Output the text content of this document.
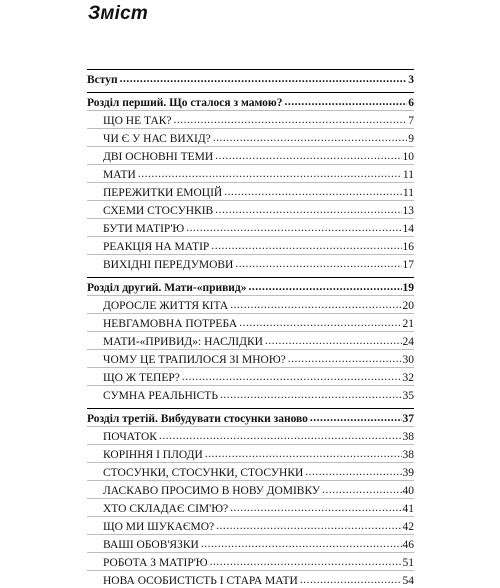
Зміст
Вступ .....	3
Розділ перший. Що сталося з мамою? .....	6
ЩО НЕ ТАК? .....	7
ЧИ Є У НАС ВИХІД? .....	9
ДВІ ОСНОВНІ ТЕМИ .....	10
МАТИ .....	11
ПЕРЕЖИТКИ ЕМОЦІЙ .....	11
СХЕМИ СТОСУНКІВ .....	13
БУТИ МАТІР'Ю .....	14
РЕАКЦІЯ НА МАТІР .....	16
ВИХІДНІ ПЕРЕДУМОВИ .....	17
Розділ другий. Мати-«привид» .....	19
ДОРОСЛЕ ЖИТТЯ КІТА .....	20
НЕВГАМОВНА ПОТРЕБА .....	21
МАТИ-«ПРИВИД»: НАСЛІДКИ .....	24
ЧОМУ ЦЕ ТРАПИЛОСЯ ЗІ МНОЮ? .....	30
ЩО Ж ТЕПЕР? .....	32
СУМНА РЕАЛЬНІСТЬ .....	35
Розділ третій. Вибудувати стосунки заново .....	37
ПОЧАТОК .....	38
КОРІННЯ І ПЛОДИ .....	38
СТОСУНКИ, СТОСУНКИ, СТОСУНКИ .....	39
ЛАСКАВО ПРОСИМО В НОВУ ДОМІВКУ .....	40
ХТО СКЛАДАЄ СІМ'Ю? .....	41
ЩО МИ ШУКАЄМО? .....	42
ВАШІ ОБОВ'ЯЗКИ .....	46
РОБОТА З МАТІР'Ю .....	51
НОВА ОСОБИСТІСТЬ І СТАРА МАТИ .....	54
